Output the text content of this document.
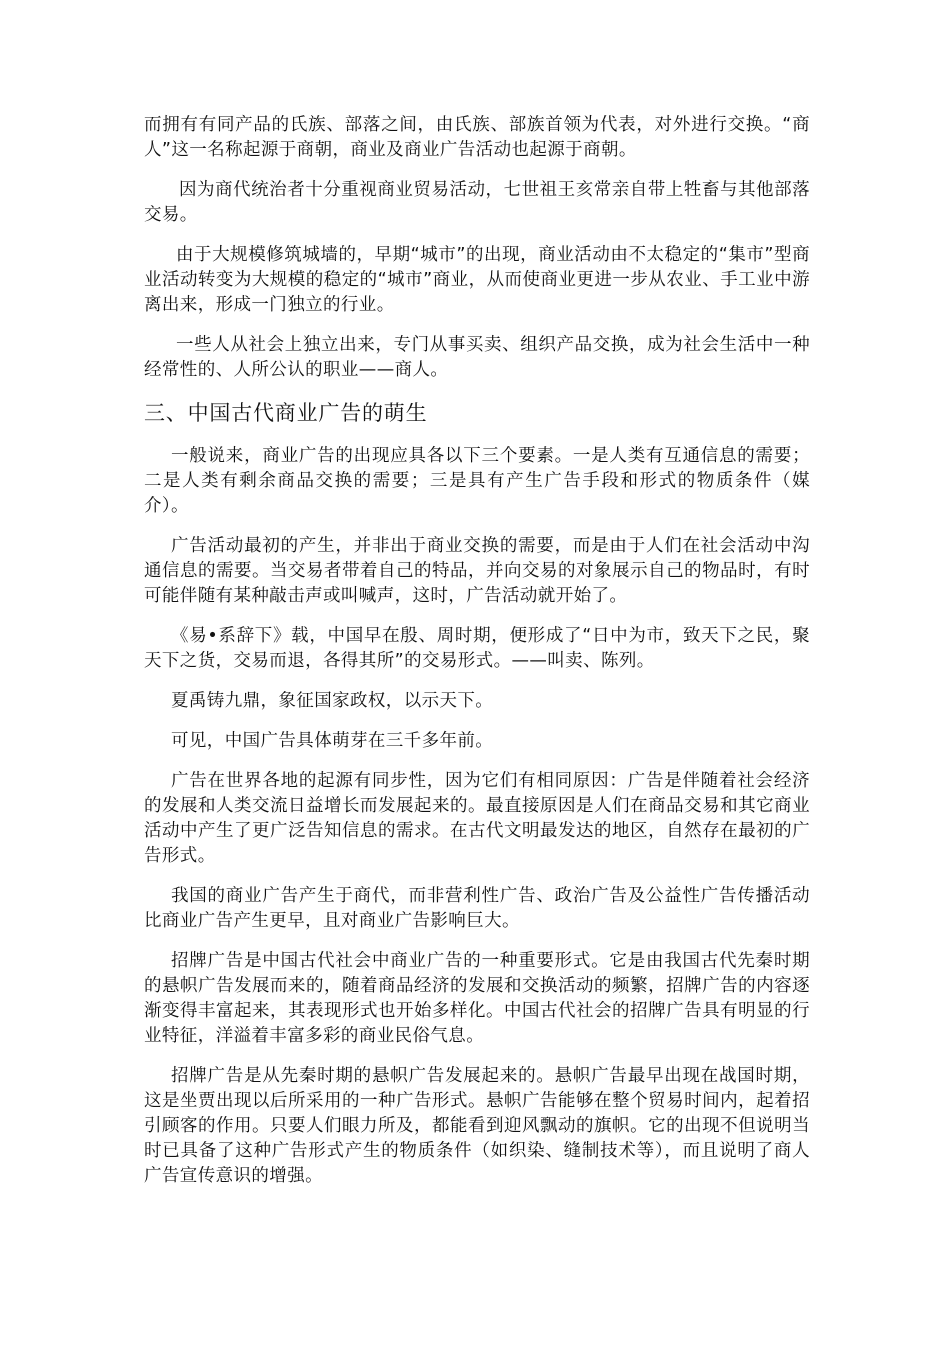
而拥有有同产品的氏族、部落之间，由氏族、部族首领为代表，对外进行交换。“商人”这一名称起源于商朝，商业及商业广告活动也起源于商朝。

因为商代统治者十分重视商业贸易活动，七世祖王亥常亲自带上牲畜与其他部落交易。

由于大规模修筑城墙的，早期“城市”的出现，商业活动由不太稳定的“集市”型商业活动转变为大规模的稳定的“城市”商业，从而使商业更进一步从农业、手工业中游离出来，形成一门独立的行业。

一些人从社会上独立出来，专门从事买卖、组织产品交换，成为社会生活中一种经常性的、人所公认的职业——商人。

三、中国古代商业广告的萌生

一般说来，商业广告的出现应具各以下三个要素。一是人类有互通信息的需要；二是人类有剩余商品交换的需要；三是具有产生广告手段和形式的物质条件（媒介）。

广告活动最初的产生，并非出于商业交换的需要，而是由于人们在社会活动中沟通信息的需要。当交易者带着自己的特品，并向交易的对象展示自己的物品时，有时可能伴随有某种敲击声或叫喊声，这时，广告活动就开始了。

《易•系辞下》载，中国早在殷、周时期，便形成了“日中为市，致天下之民，聚天下之货，交易而退，各得其所”的交易形式。——叫卖、陈列。

夏禹铸九鼎，象征国家政权，以示天下。

可见，中国广告具体萌芽在三千多年前。

广告在世界各地的起源有同步性，因为它们有相同原因：广告是伴随着社会经济的发展和人类交流日益增长而发展起来的。最直接原因是人们在商品交易和其它商业活动中产生了更广泛告知信息的需求。在古代文明最发达的地区，自然存在最初的广告形式。

我国的商业广告产生于商代，而非营利性广告、政治广告及公益性广告传播活动比商业广告产生更早，且对商业广告影响巨大。

招牌广告是中国古代社会中商业广告的一种重要形式。它是由我国古代先秦时期的悬帜广告发展而来的，随着商品经济的发展和交换活动的频繁，招牌广告的内容逐渐变得丰富起来，其表现形式也开始多样化。中国古代社会的招牌广告具有明显的行业特征，洋溢着丰富多彩的商业民俗气息。

招牌广告是从先秦时期的悬帜广告发展起来的。悬帜广告最早出现在战国时期，这是坐贾出现以后所采用的一种广告形式。悬帜广告能够在整个贸易时间内，起着招引顾客的作用。只要人们眼力所及，都能看到迎风飘动的旗帜。它的出现不但说明当时已具备了这种广告形式产生的物质条件（如织染、缝制技术等），而且说明了商人广告宣传意识的增强。
